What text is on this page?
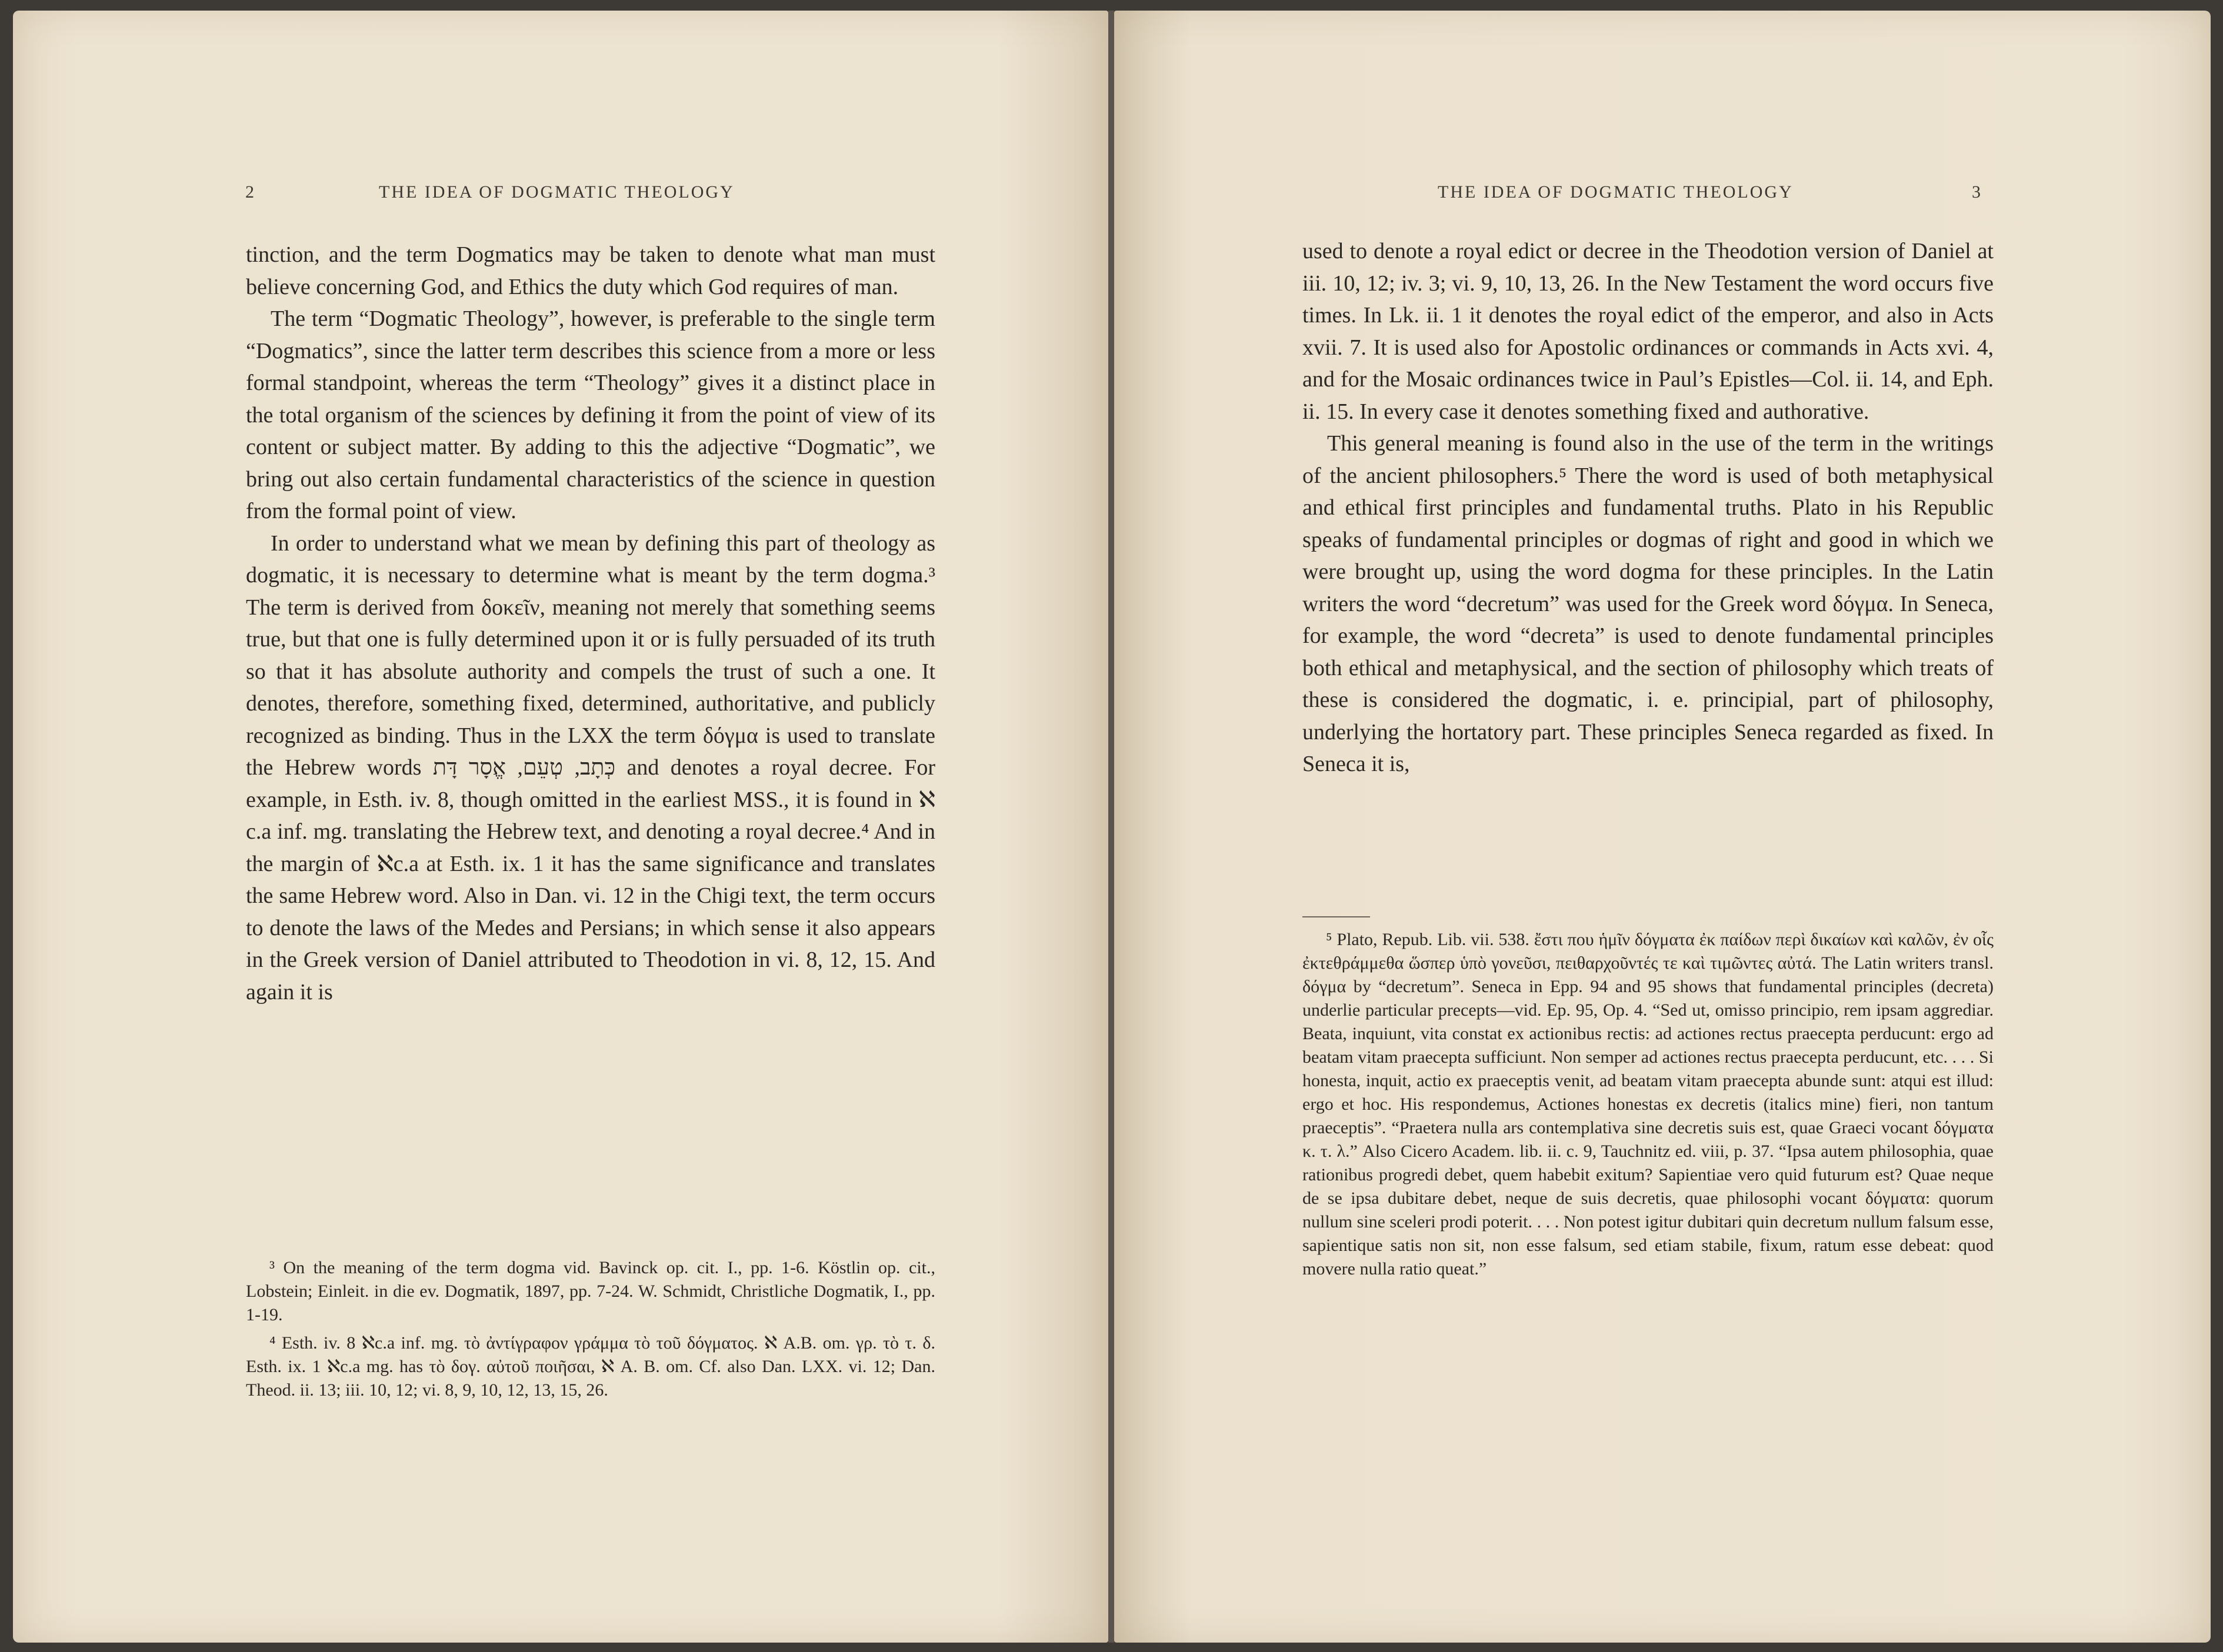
2	THE IDEA OF DOGMATIC THEOLOGY

tinction, and the term Dogmatics may be taken to denote what man must believe concerning God, and Ethics the duty which God requires of man.

The term “Dogmatic Theology”, however, is preferable to the single term “Dogmatics”, since the latter term describes this science from a more or less formal standpoint, whereas the term “Theology” gives it a distinct place in the total organism of the sciences by defining it from the point of view of its content or subject matter. By adding to this the adjective “Dogmatic”, we bring out also certain fundamental characteristics of the science in question from the formal point of view.

In order to understand what we mean by defining this part of theology as dogmatic, it is necessary to determine what is meant by the term dogma.³ The term is derived from δοκεῖν, meaning not merely that something seems true, but that one is fully determined upon it or is fully persuaded of its truth so that it has absolute authority and compels the trust of such a one. It denotes, therefore, something fixed, determined, authoritative, and publicly recognized as binding. Thus in the LXX the term δόγμα is used to translate the Hebrew words כְּתָב, טְעֵם, אֱסָר דָּת and denotes a royal decree. For example, in Esth. iv. 8, though omitted in the earliest MSS., it is found in ℵ c.a inf. mg. translating the Hebrew text, and denoting a royal decree.⁴ And in the margin of ℵc.a at Esth. ix. 1 it has the same significance and translates the same Hebrew word. Also in Dan. vi. 12 in the Chigi text, the term occurs to denote the laws of the Medes and Persians; in which sense it also appears in the Greek version of Daniel attributed to Theodotion in vi. 8, 12, 15. And again it is

³ On the meaning of the term dogma vid. Bavinck op. cit. I., pp. 1-6. Köstlin op. cit., Lobstein; Einleit. in die ev. Dogmatik, 1897, pp. 7-24. W. Schmidt, Christliche Dogmatik, I., pp. 1-19.

⁴ Esth. iv. 8 ℵc.a inf. mg. τὸ ἀντίγραφον γράμμα τὸ τοῦ δόγματος. ℵ A.B. om. γρ. τὸ τ. δ. Esth. ix. 1 ℵc.a mg. has τὸ δογ. αὐτοῦ ποιῆσαι, ℵ A. B. om. Cf. also Dan. LXX. vi. 12; Dan. Theod. ii. 13; iii. 10, 12; vi. 8, 9, 10, 12, 13, 15, 26.

THE IDEA OF DOGMATIC THEOLOGY	3

used to denote a royal edict or decree in the Theodotion version of Daniel at iii. 10, 12; iv. 3; vi. 9, 10, 13, 26. In the New Testament the word occurs five times. In Lk. ii. 1 it denotes the royal edict of the emperor, and also in Acts xvii. 7. It is used also for Apostolic ordinances or commands in Acts xvi. 4, and for the Mosaic ordinances twice in Paul’s Epistles—Col. ii. 14, and Eph. ii. 15. In every case it denotes something fixed and authorative.

This general meaning is found also in the use of the term in the writings of the ancient philosophers.⁵ There the word is used of both metaphysical and ethical first principles and fundamental truths. Plato in his Republic speaks of fundamental principles or dogmas of right and good in which we were brought up, using the word dogma for these principles. In the Latin writers the word “decretum” was used for the Greek word δόγμα. In Seneca, for example, the word “decreta” is used to denote fundamental principles both ethical and metaphysical, and the section of philosophy which treats of these is considered the dogmatic, i. e. principial, part of philosophy, underlying the hortatory part. These principles Seneca regarded as fixed. In Seneca it is,

⁵ Plato, Repub. Lib. vii. 538. ἔστι που ἡμῖν δόγματα ἐκ παίδων περὶ δικαίων καὶ καλῶν, ἐν οἷς ἐκτεθράμμεθα ὥσπερ ὑπὸ γονεῦσι, πειθαρχοῦντές τε καὶ τιμῶντες αὐτά. The Latin writers transl. δόγμα by “decretum”. Seneca in Epp. 94 and 95 shows that fundamental principles (decreta) underlie particular precepts—vid. Ep. 95, Op. 4. “Sed ut, omisso principio, rem ipsam aggrediar. Beata, inquiunt, vita constat ex actionibus rectis: ad actiones rectus praecepta perducunt: ergo ad beatam vitam praecepta sufficiunt. Non semper ad actiones rectus praecepta perducunt, etc. . . . Si honesta, inquit, actio ex praeceptis venit, ad beatam vitam praecepta abunde sunt: atqui est illud: ergo et hoc. His respondemus, Actiones honestas ex decretis (italics mine) fieri, non tantum praeceptis”. “Praetera nulla ars contemplativa sine decretis suis est, quae Graeci vocant δόγματα κ. τ. λ.” Also Cicero Academ. lib. ii. c. 9, Tauchnitz ed. viii, p. 37. “Ipsa autem philosophia, quae rationibus progredi debet, quem habebit exitum? Sapientiae vero quid futurum est? Quae neque de se ipsa dubitare debet, neque de suis decretis, quae philosophi vocant δόγματα: quorum nullum sine sceleri prodi poterit. . . . Non potest igitur dubitari quin decretum nullum falsum esse, sapientique satis non sit, non esse falsum, sed etiam stabile, fixum, ratum esse debeat: quod movere nulla ratio queat.”
